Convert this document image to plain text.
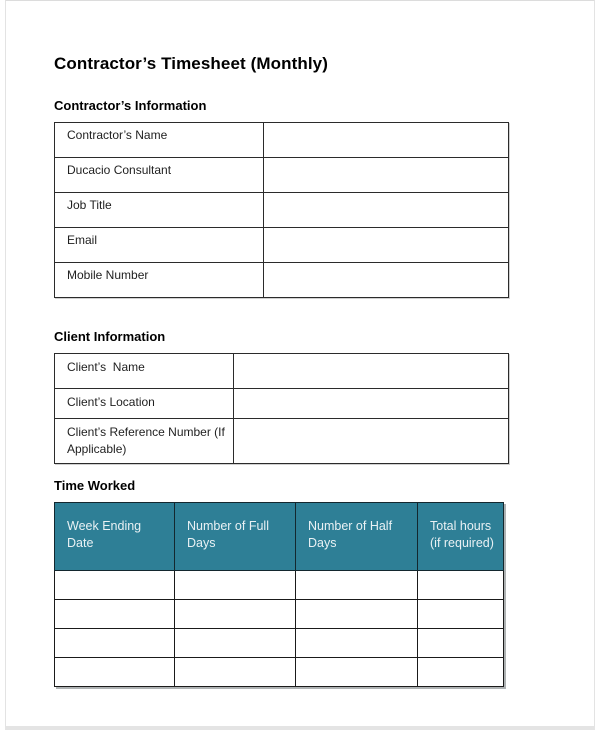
Contractor’s Timesheet (Monthly)
Contractor’s Information
Contractor’s Name	
Ducacio Consultant	
Job Title	
Email	
Mobile Number	
Client Information
Client’s  Name	
Client’s Location	
Client’s Reference Number (If Applicable)	
Time Worked
Week Ending Date	Number of Full Days	Number of Half Days	Total hours (if required)
